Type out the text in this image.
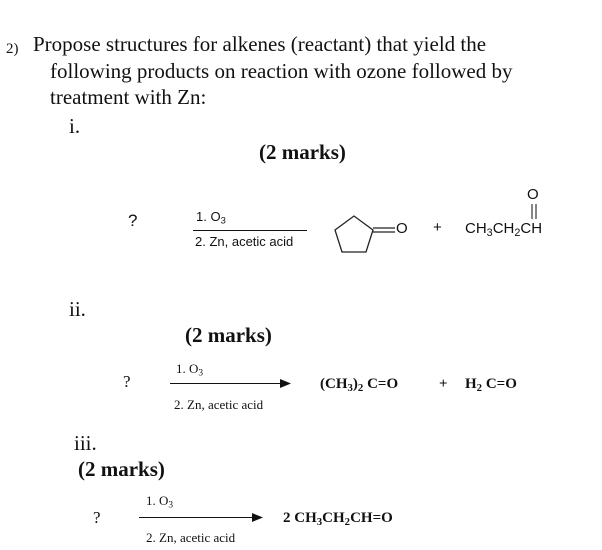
2) Propose structures for alkenes (reactant) that yield the

following products on reaction with ozone followed by

treatment with Zn:

i.
(2 marks)
?	1. $O_3$
2. Zn, acetic acid
O +
O
$CH_3CH_2CH$
ii.
(2 marks)
?
1. $O_3$
2. Zn, acetic acid
$(CH_3)_2$ C=O	+ $H_2$ C=O
iii.
(2 marks)
?
1. $O_3$
2. Zn, acetic acid
2 $CH_3CH_2CH=O$
